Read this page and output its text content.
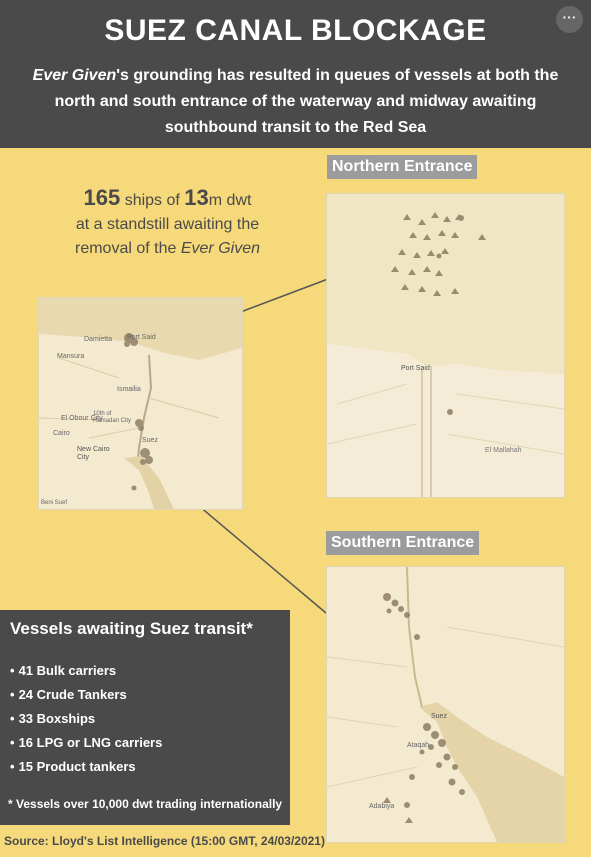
···
SUEZ CANAL BLOCKAGE
Ever Given's grounding has resulted in queues of vessels at both the north and south entrance of the waterway and midway awaiting southbound transit to the Red Sea
165 ships of 13m dwt
at a standstill awaiting the
removal of the Ever Given
Damietta Port Said
Mansura
Ismailia
El Obour City
10th of Ramadan City
Cairo
New Cairo City
Suez
Beni Suef
Northern Entrance
Port Said
El Mallahah
Southern Entrance
Suez
Ataqah
Adabiya
Vessels awaiting Suez transit*
• 41 Bulk carriers
• 24 Crude Tankers
• 33 Boxships
• 16 LPG or LNG carriers
• 15 Product tankers
* Vessels over 10,000 dwt trading internationally
Source: Lloyd's List Intelligence (15:00 GMT, 24/03/2021)
